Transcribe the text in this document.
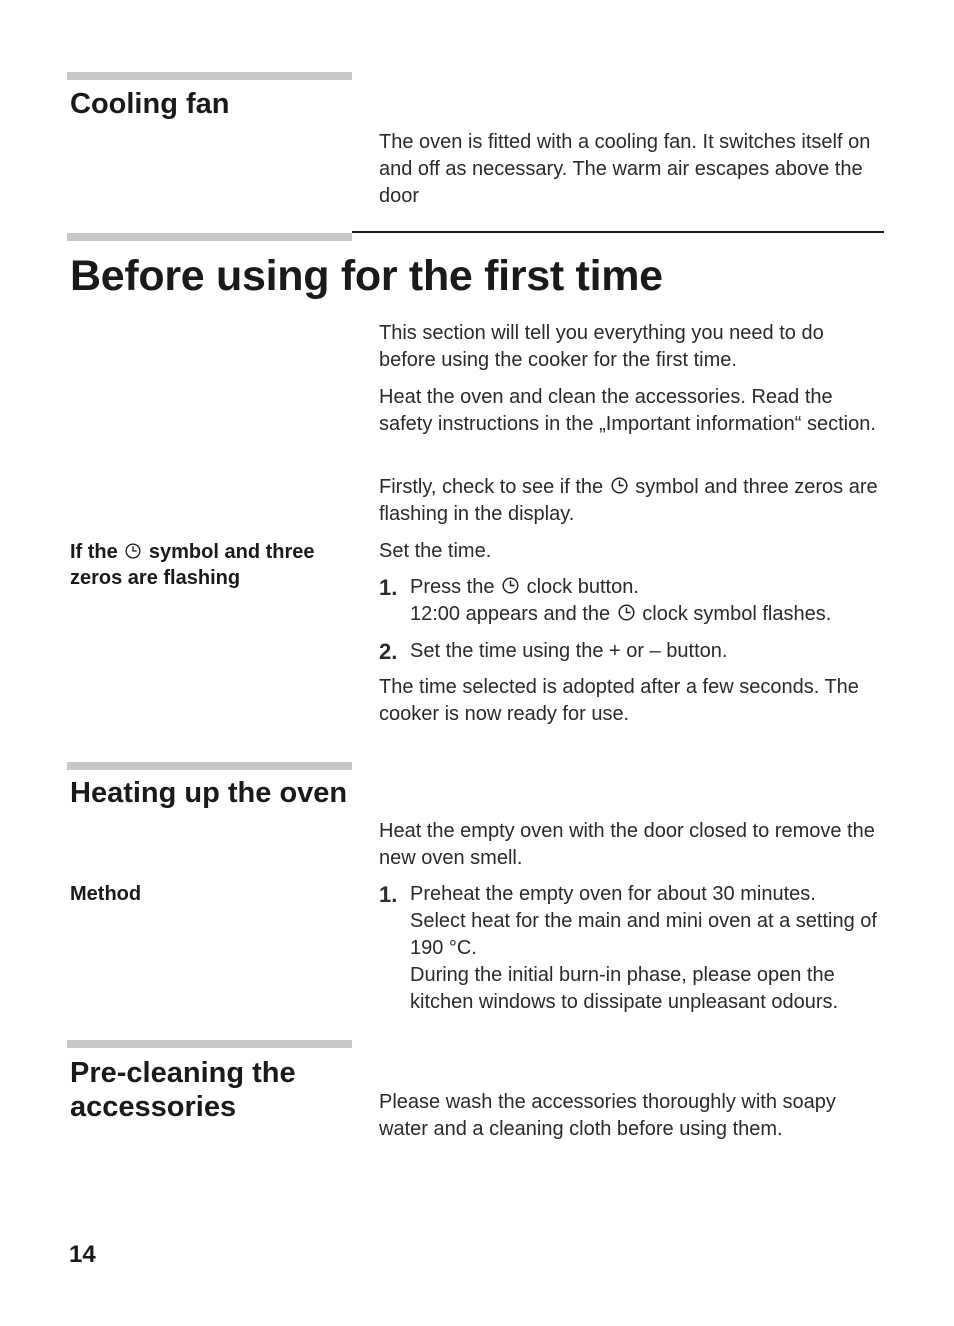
Cooling fan
The oven is fitted with a cooling fan. It switches itself on and off as necessary. The warm air escapes above the door
Before using for the first time
This section will tell you everything you need to do before using the cooker for the first time.
Heat the oven and clean the accessories. Read the safety instructions in the „Important information“ section.
Firstly, check to see if the symbol and three zeros are flashing in the display.
If the symbol and three zeros are flashing
Set the time.
1. Press the clock button.
12:00 appears and the clock symbol flashes.
2. Set the time using the + or – button.
The time selected is adopted after a few seconds. The cooker is now ready for use.
Heating up the oven
Heat the empty oven with the door closed to remove the new oven smell.
Method	1. Preheat the empty oven for about 30 minutes.
Select heat for the main and mini oven at a setting of 190 °C.
During the initial burn-in phase, please open the kitchen windows to dissipate unpleasant odours.
Pre-cleaning the accessories	Please wash the accessories thoroughly with soapy water and a cleaning cloth before using them.
14
